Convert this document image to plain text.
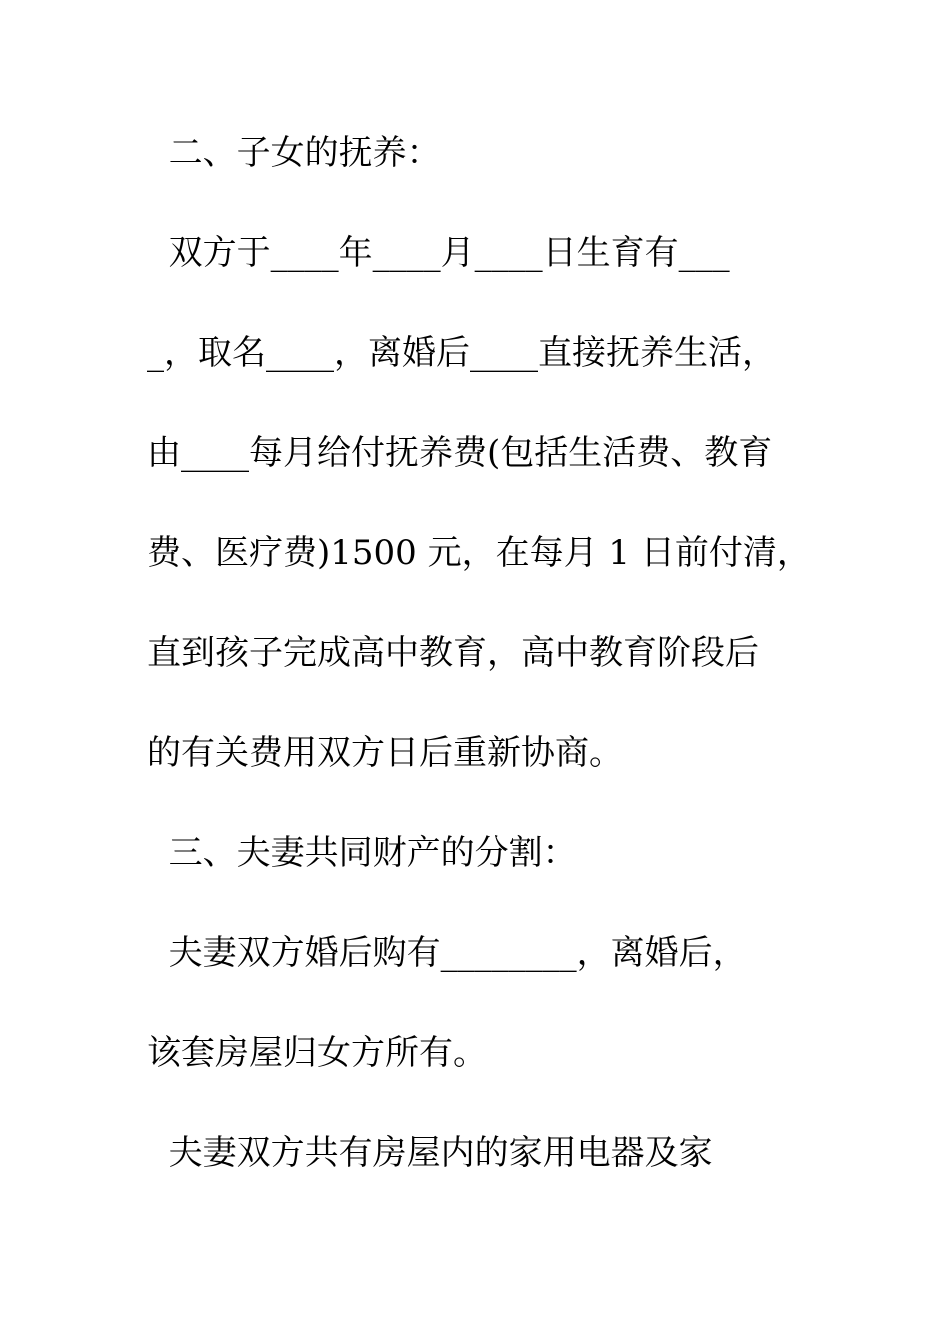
二、子女的抚养：
双方于____年____月____日生育有___
_，取名____，离婚后____直接抚养生活，
由____每月给付抚养费(包括生活费、教育
费、医疗费)1500 元，在每月 1 日前付清，
直到孩子完成高中教育，高中教育阶段后
的有关费用双方日后重新协商。
三、夫妻共同财产的分割：
夫妻双方婚后购有________，离婚后，
该套房屋归女方所有。
夫妻双方共有房屋内的家用电器及家
